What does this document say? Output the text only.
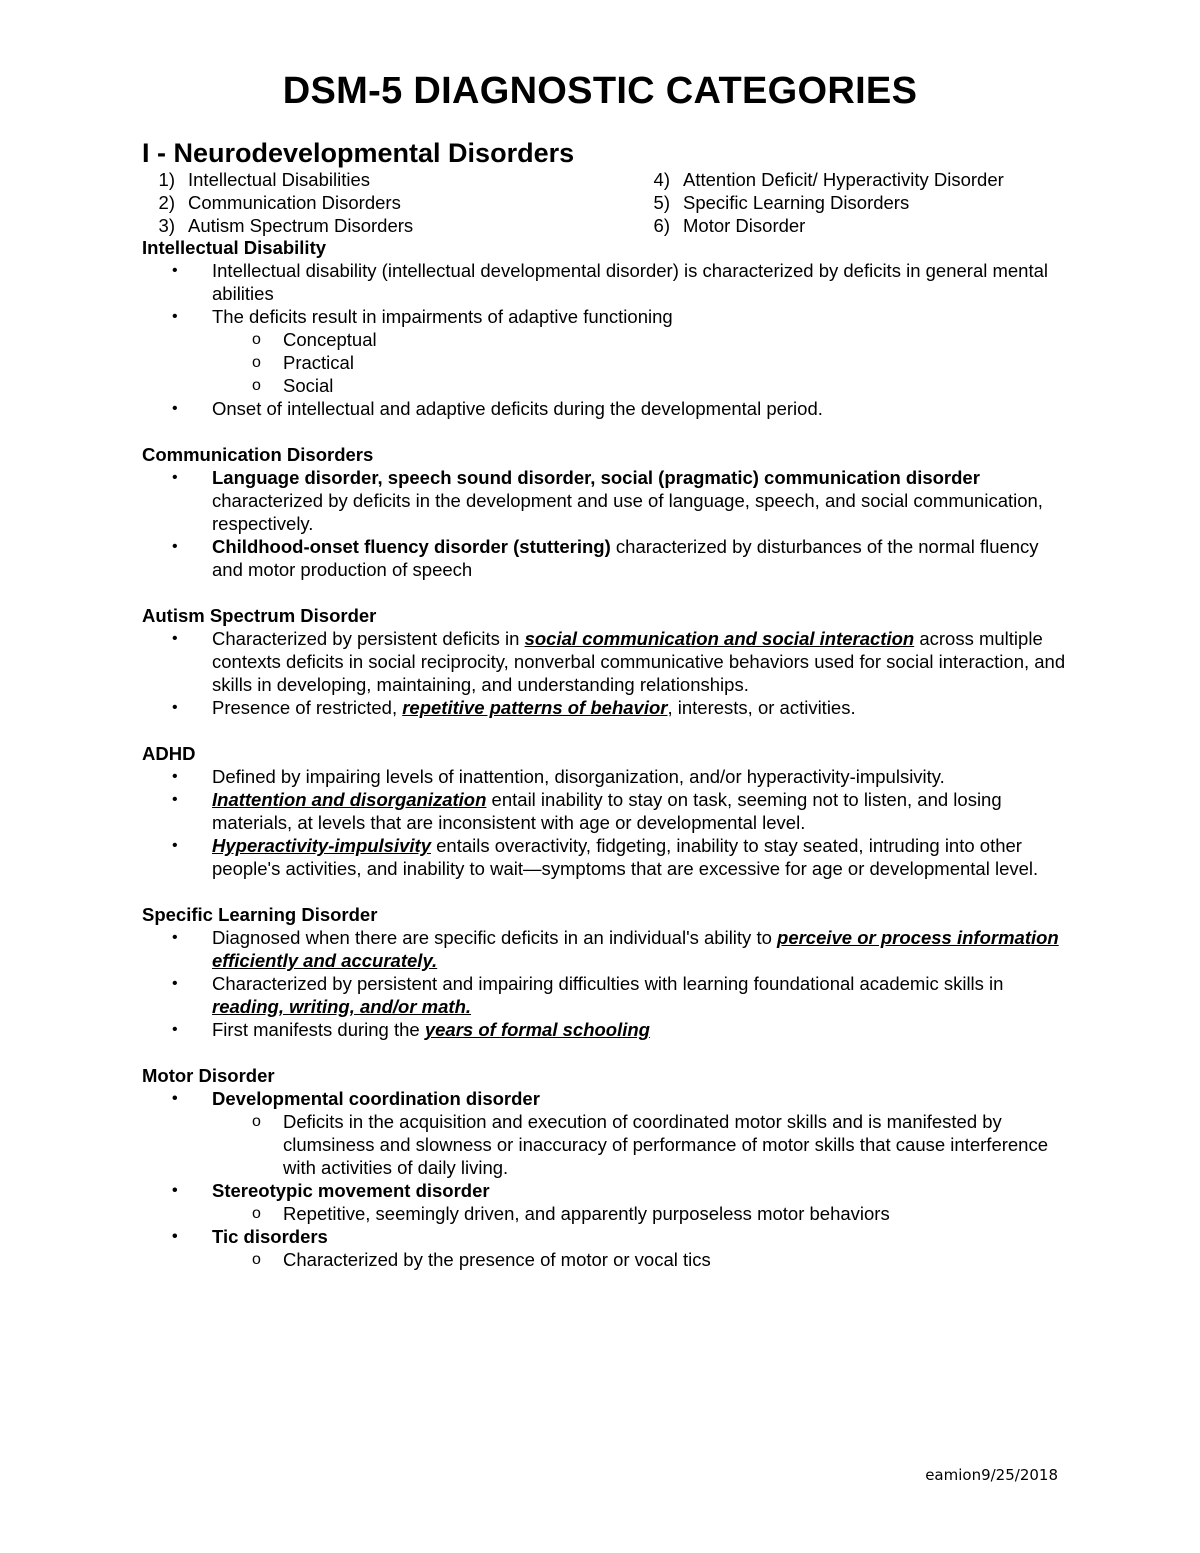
DSM-5 DIAGNOSTIC CATEGORIES
I - Neurodevelopmental Disorders
1) Intellectual Disabilities
2) Communication Disorders
3) Autism Spectrum Disorders
4) Attention Deficit/ Hyperactivity Disorder
5) Specific Learning Disorders
6) Motor Disorder

Intellectual Disability

• Intellectual disability (intellectual developmental disorder) is characterized by deficits in general mental abilities

• The deficits result in impairments of adaptive functioning

o Conceptual

o Practical

o Social

• Onset of intellectual and adaptive deficits during the developmental period.

Communication Disorders

• Language disorder, speech sound disorder, social (pragmatic) communication disorder
characterized by deficits in the development and use of language, speech, and social communication, respectively.

• Childhood-onset fluency disorder (stuttering) characterized by disturbances of the normal fluency and motor production of speech

Autism Spectrum Disorder

• Characterized by persistent deficits in social communication and social interaction across multiple contexts deficits in social reciprocity, nonverbal communicative behaviors used for social interaction, and skills in developing, maintaining, and understanding relationships.

• Presence of restricted, repetitive patterns of behavior, interests, or activities.

ADHD

• Defined by impairing levels of inattention, disorganization, and/or hyperactivity-impulsivity.

• Inattention and disorganization entail inability to stay on task, seeming not to listen, and losing materials, at levels that are inconsistent with age or developmental level.

• Hyperactivity-impulsivity entails overactivity, fidgeting, inability to stay seated, intruding into other people's activities, and inability to wait—symptoms that are excessive for age or developmental level.

Specific Learning Disorder

• Diagnosed when there are specific deficits in an individual's ability to perceive or process information efficiently and accurately.

• Characterized by persistent and impairing difficulties with learning foundational academic skills in reading, writing, and/or math.

• First manifests during the years of formal schooling

Motor Disorder

• Developmental coordination disorder

o Deficits in the acquisition and execution of coordinated motor skills and is manifested by clumsiness and slowness or inaccuracy of performance of motor skills that cause interference with activities of daily living.

• Stereotypic movement disorder

o Repetitive, seemingly driven, and apparently purposeless motor behaviors

• Tic disorders

o Characterized by the presence of motor or vocal tics

eamion9/25/2018
